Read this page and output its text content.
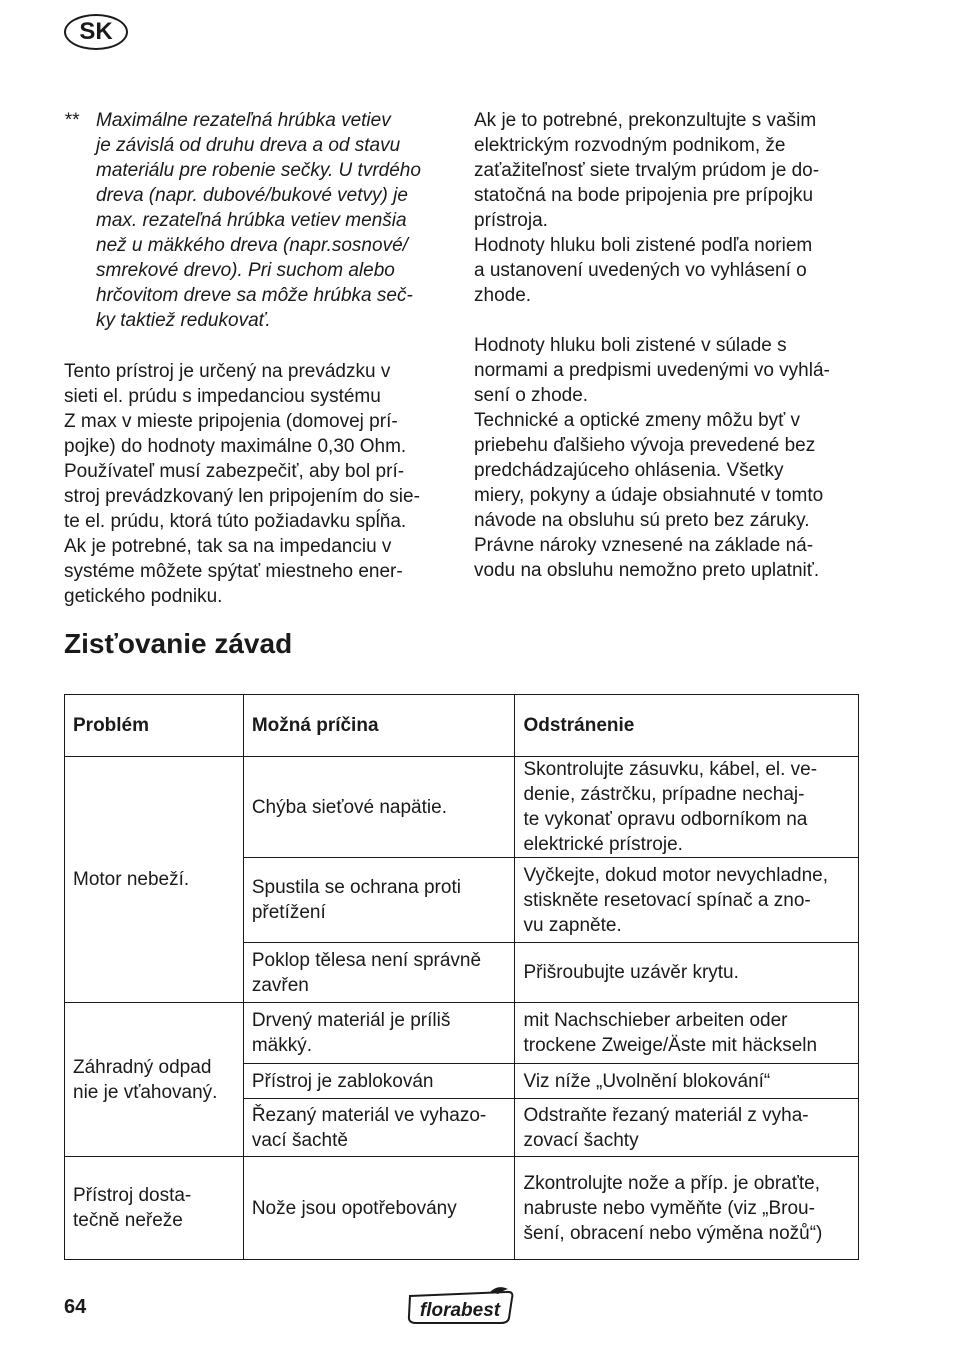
SK
** Maximálne rezateľná hrúbka vetiev
je závislá od druhu dreva a od stavu
materiálu pre robenie sečky. U tvrdého
dreva (napr. dubové/bukové vetvy) je
max. rezateľná hrúbka vetiev menšia
než u mäkkého dreva (napr.sosnové/
smrekové drevo). Pri suchom alebo
hrčovitom dreve sa môže hrúbka seč-
ky taktiež redukovať.

Tento prístroj je určený na prevádzku v
sieti el. prúdu s impedanciou systému
Z max v mieste pripojenia (domovej prí-
pojke) do hodnoty maximálne 0,30 Ohm.
Používateľ musí zabezpečiť, aby bol prí-
stroj prevádzkovaný len pripojením do sie-
te el. prúdu, ktorá túto požiadavku spĺňa.
Ak je potrebné, tak sa na impedanciu v
systéme môžete spýtať miestneho ener-
getického podniku.

Ak je to potrebné, prekonzultujte s vašim
elektrickým rozvodným podnikom, že
zaťažiteľnosť siete trvalým prúdom je do-
statočná na bode pripojenia pre prípojku
prístroja.

Hodnoty hluku boli zistené podľa noriem
a ustanovení uvedených vo vyhlásení o
zhode.

Hodnoty hluku boli zistené v súlade s
normami a predpismi uvedenými vo vyhlá-
sení o zhode.

Technické a optické zmeny môžu byť v
priebehu ďalšieho vývoja prevedené bez
predchádzajúceho ohlásenia. Všetky
miery, pokyny a údaje obsiahnuté v tomto
návode na obsluhu sú preto bez záruky.
Právne nároky vznesené na základe ná-
vodu na obsluhu nemožno preto uplatniť.

Zisťovanie závad
Problém	Možná príčina	Odstránenie
Motor nebeží.	Chýba sieťové napätie.	Skontrolujte zásuvku, kábel, el. ve-
denie, zástrčku, prípadne nechaj-
te vykonať opravu odborníkom na
elektrické prístroje.
	Spustila se ochrana proti
přetížení	Vyčkejte, dokud motor nevychladne,
stiskněte resetovací spínač a zno-
vu zapněte.
	Poklop tělesa není správně
zavřen	Přišroubujte uzávěr krytu.
Záhradný odpad
nie je vťahovaný.	Drvený materiál je príliš
mäkký.	mit Nachschieber arbeiten oder
trockene Zweige/Äste mit häckseln
	Přístroj je zablokován	Viz níže „Uvolnění blokování“
	Řezaný materiál ve vyhazo-
vací šachtě	Odstraňte řezaný materiál z vyha-
zovací šachty
Přístroj dosta-
tečně neřeže	Nože jsou opotřebovány	Zkontrolujte nože a příp. je obraťte,
nabruste nebo vyměňte (viz „Brou-
šení, obracení nebo výměna nožů“)
64	florabest
